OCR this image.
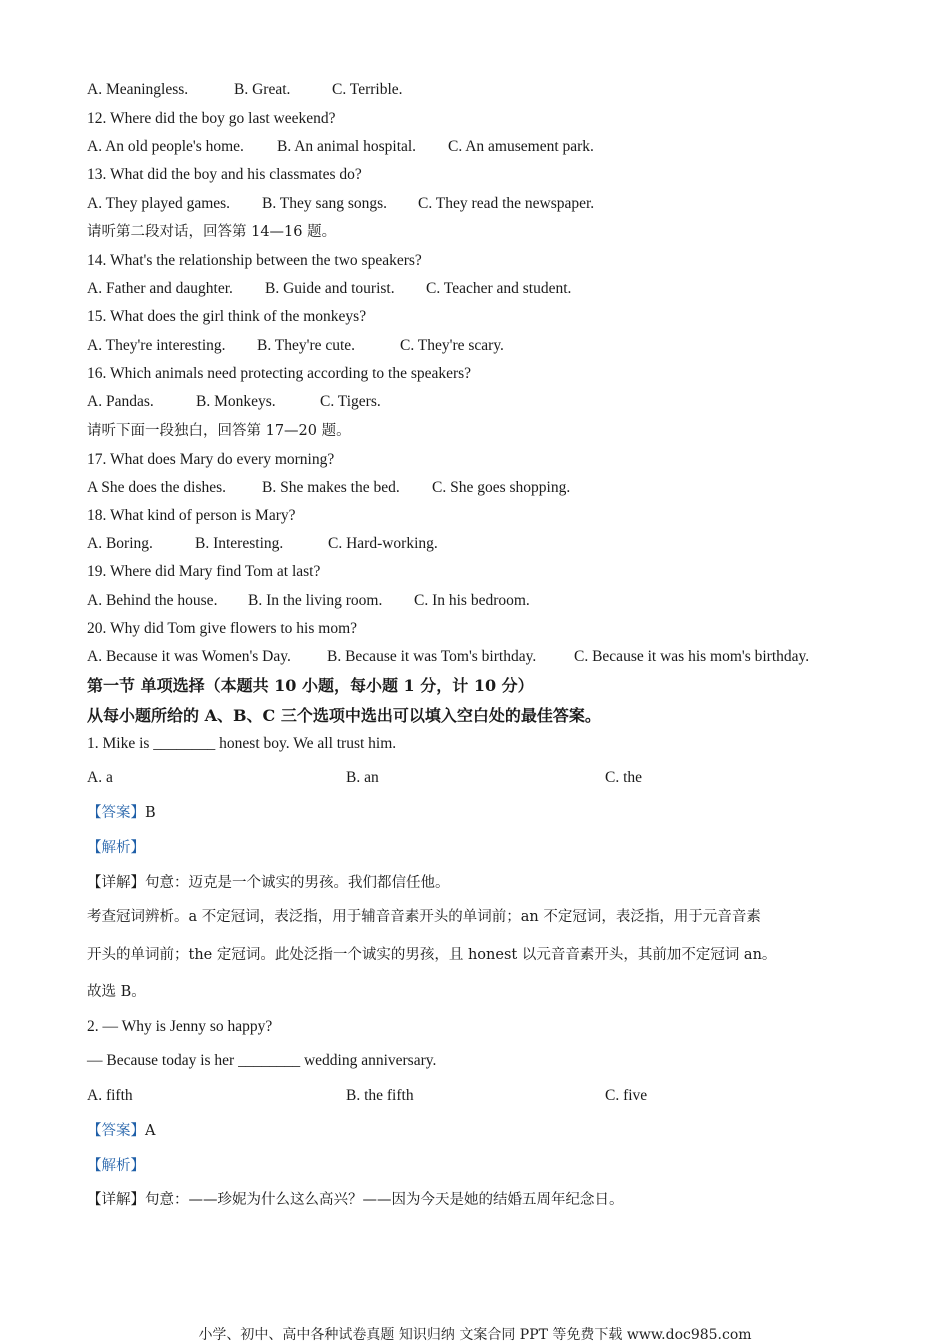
A. Meaningless.	B. Great.	C. Terrible.
12. Where did the boy go last weekend?
A. An old people's home. B. An animal hospital. C. An amusement park.
13. What did the boy and his classmates do?
A. They played games. B. They sang songs. C. They read the newspaper.
请听第二段对话，回答第 14—16 题。
14. What's the relationship between the two speakers?
A. Father and daughter. B. Guide and tourist. C. Teacher and student.
15. What does the girl think of the monkeys?
A. They're interesting. B. They're cute.	C. They're scary.
16. Which animals need protecting according to the speakers?
A. Pandas.	B. Monkeys.	C. Tigers.
请听下面一段独白，回答第 17—20 题。
17. What does Mary do every morning?
A She does the dishes. B. She makes the bed. C. She goes shopping.
18. What kind of person is Mary?
A. Boring.	B. Interesting.	C. Hard-working.
19. Where did Mary find Tom at last?
A. Behind the house. B. In the living room. C. In his bedroom.
20. Why did Tom give flowers to his mom?
A. Because it was Women's Day. B. Because it was Tom's birthday. C. Because it was his mom's birthday.
第一节 单项选择（本题共 10 小题，每小题 1 分，计 10 分）
从每小题所给的 A、B、C 三个选项中选出可以填入空白处的最佳答案。
1. Mike is ________ honest boy. We all trust him.
A. a	B. an	C. the
【答案】B
【解析】
【详解】句意：迈克是一个诚实的男孩。我们都信任他。
考查冠词辨析。a 不定冠词，表泛指，用于辅音音素开头的单词前；an 不定冠词，表泛指，用于元音音素
开头的单词前；the 定冠词。此处泛指一个诚实的男孩，且 honest 以元音音素开头，其前加不定冠词 an。
故选 B。
2. — Why is Jenny so happy?
— Because today is her ________ wedding anniversary.
A. fifth	B. the fifth	C. five
【答案】A
【解析】
【详解】句意：——珍妮为什么这么高兴？——因为今天是她的结婚五周年纪念日。
小学、初中、高中各种试卷真题 知识归纳 文案合同 PPT 等免费下载 www.doc985.com
